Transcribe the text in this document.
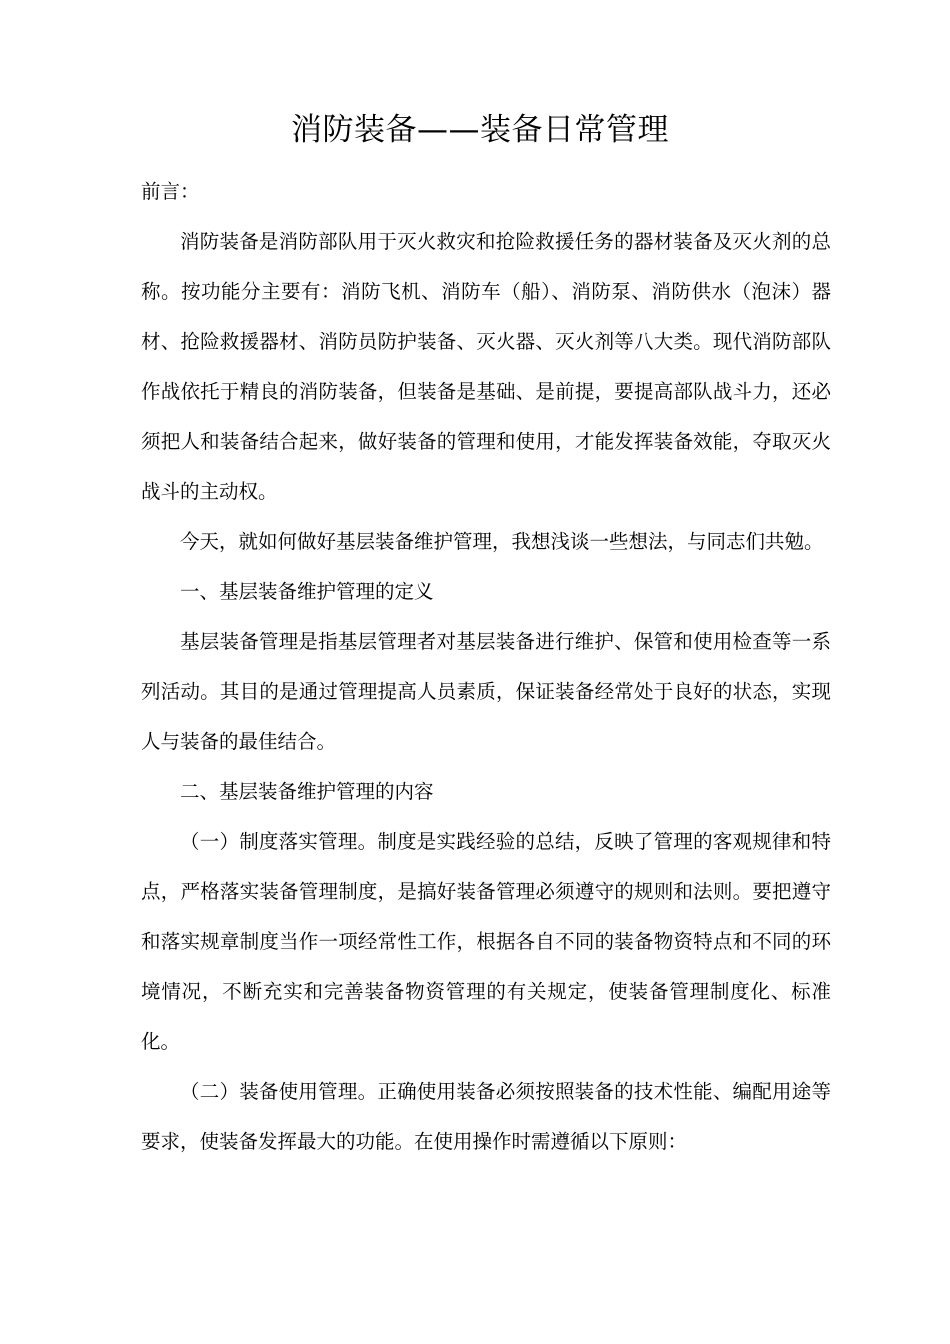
消防装备——装备日常管理

前言：

消防装备是消防部队用于灭火救灾和抢险救援任务的器材装备及灭火剂的总称。按功能分主要有：消防飞机、消防车（船）、消防泵、消防供水（泡沫）器材、抢险救援器材、消防员防护装备、灭火器、灭火剂等八大类。现代消防部队作战依托于精良的消防装备，但装备是基础、是前提，要提高部队战斗力，还必须把人和装备结合起来，做好装备的管理和使用，才能发挥装备效能，夺取灭火战斗的主动权。

今天，就如何做好基层装备维护管理，我想浅谈一些想法，与同志们共勉。

一、基层装备维护管理的定义

基层装备管理是指基层管理者对基层装备进行维护、保管和使用检查等一系列活动。其目的是通过管理提高人员素质，保证装备经常处于良好的状态，实现人与装备的最佳结合。

二、基层装备维护管理的内容

（一）制度落实管理。制度是实践经验的总结，反映了管理的客观规律和特点，严格落实装备管理制度，是搞好装备管理必须遵守的规则和法则。要把遵守和落实规章制度当作一项经常性工作，根据各自不同的装备物资特点和不同的环境情况，不断充实和完善装备物资管理的有关规定，使装备管理制度化、标准化。

（二）装备使用管理。正确使用装备必须按照装备的技术性能、编配用途等要求，使装备发挥最大的功能。在使用操作时需遵循以下原则：
